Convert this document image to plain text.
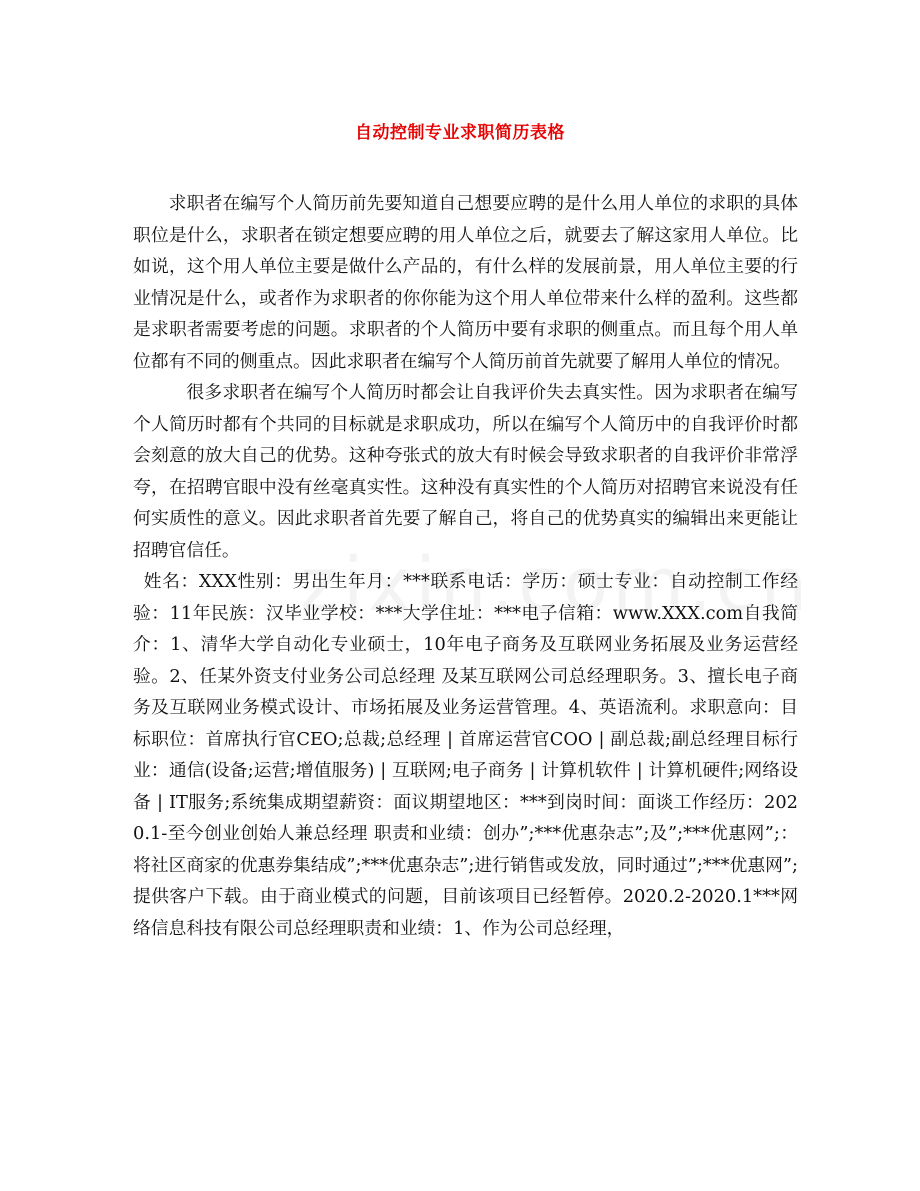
自动控制专业求职简历表格

求职者在编写个人简历前先要知道自己想要应聘的是什么用人单位的求职的具体职位是什么，求职者在锁定想要应聘的用人单位之后，就要去了解这家用人单位。比如说，这个用人单位主要是做什么产品的，有什么样的发展前景，用人单位主要的行业情况是什么，或者作为求职者的你你能为这个用人单位带来什么样的盈利。这些都是求职者需要考虑的问题。求职者的个人简历中要有求职的侧重点。而且每个用人单位都有不同的侧重点。因此求职者在编写个人简历前首先就要了解用人单位的情况。

很多求职者在编写个人简历时都会让自我评价失去真实性。因为求职者在编写个人简历时都有个共同的目标就是求职成功，所以在编写个人简历中的自我评价时都会刻意的放大自己的优势。这种夸张式的放大有时候会导致求职者的自我评价非常浮夸，在招聘官眼中没有丝毫真实性。这种没有真实性的个人简历对招聘官来说没有任何实质性的意义。因此求职者首先要了解自己，将自己的优势真实的编辑出来更能让招聘官信任。

姓名：XXX性别：男出生年月：***联系电话：学历：硕士专业：自动控制工作经验：11年民族：汉毕业学校：***大学住址：***电子信箱：www.XXX.com自我简介：1、清华大学自动化专业硕士，10年电子商务及互联网业务拓展及业务运营经验。2、任某外资支付业务公司总经理 及某互联网公司总经理职务。3、擅长电子商务及互联网业务模式设计、市场拓展及业务运营管理。4、英语流利。求职意向：目标职位：首席执行官CEO;总裁;总经理 | 首席运营官COO | 副总裁;副总经理目标行业：通信(设备;运营;增值服务) | 互联网;电子商务 | 计算机软件 | 计算机硬件;网络设备 | IT服务;系统集成期望薪资：面议期望地区：***到岗时间：面谈工作经历：2020.1-至今创业创始人兼总经理 职责和业绩：创办”;***优惠杂志”;及”;***优惠网”;：将社区商家的优惠券集结成”;***优惠杂志”;进行销售或发放，同时通过”;***优惠网”;提供客户下载。由于商业模式的问题，目前该项目已经暂停。2020.2-2020.1***网络信息科技有限公司总经理职责和业绩：1、作为公司总经理，
